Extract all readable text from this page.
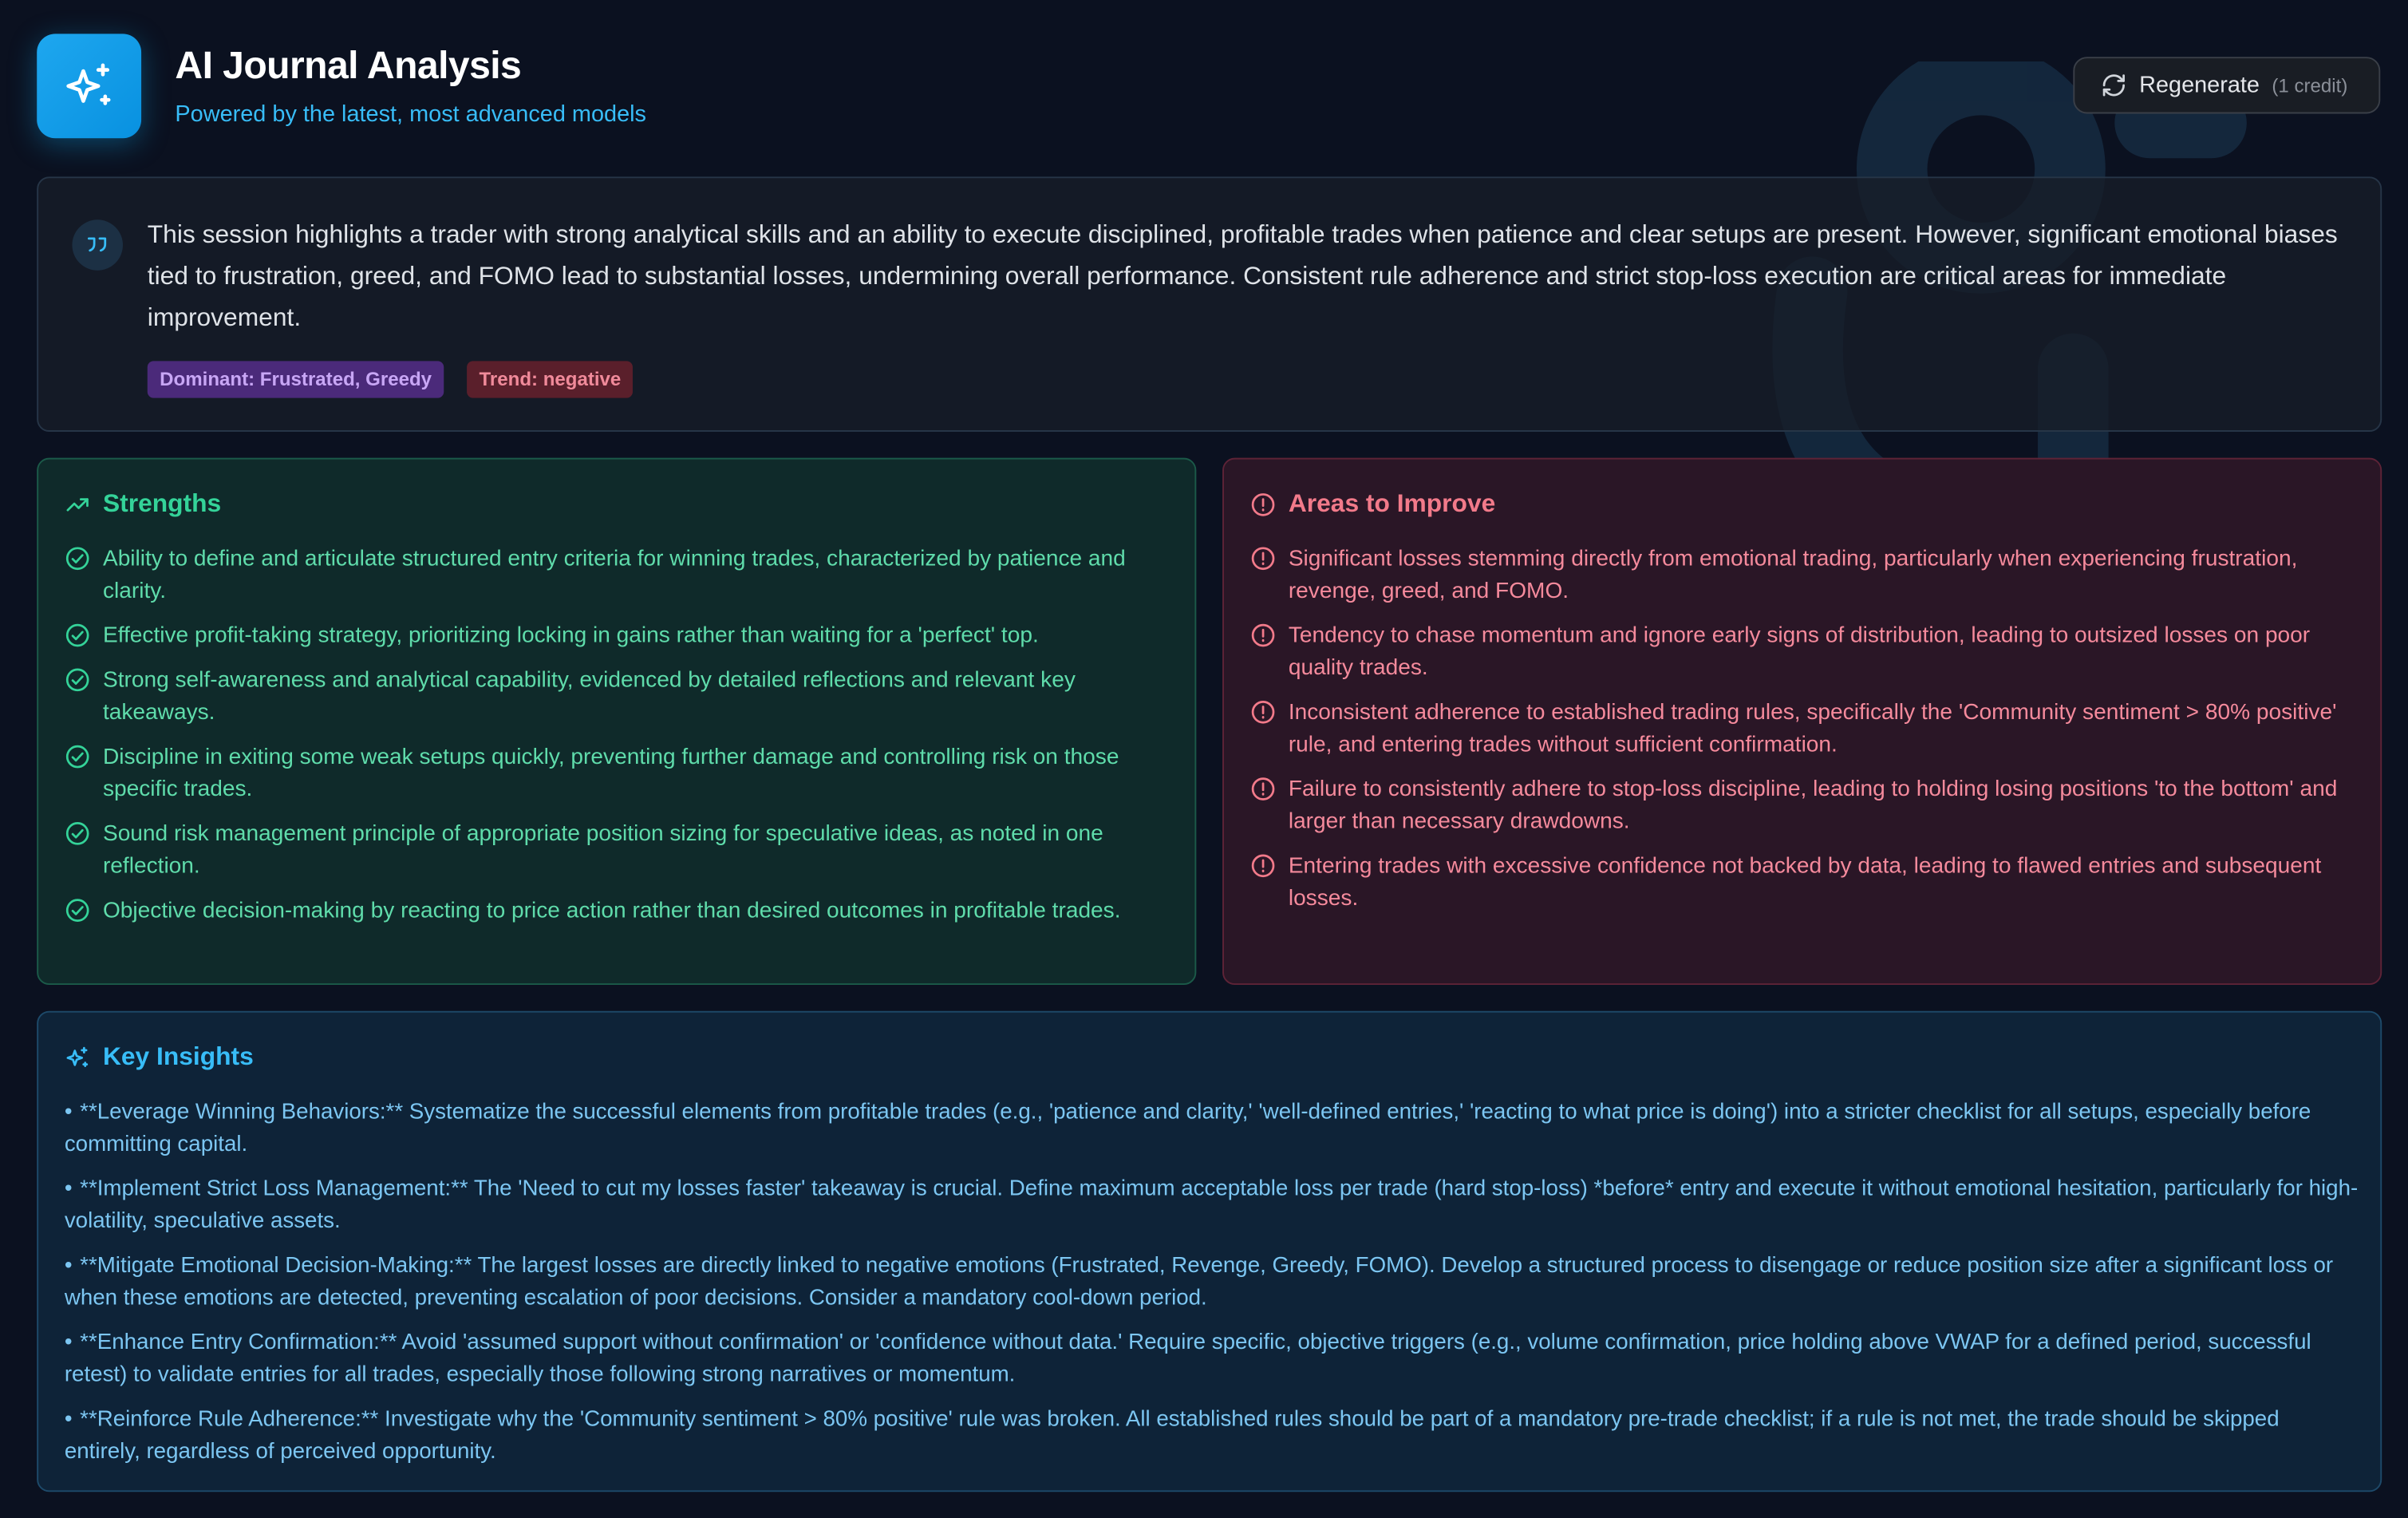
AI Journal Analysis
Powered by the latest, most advanced models
Regenerate (1 credit)
This session highlights a trader with strong analytical skills and an ability to execute disciplined, profitable trades when patience and clear setups are present. However, significant emotional biases tied to frustration, greed, and FOMO lead to substantial losses, undermining overall performance. Consistent rule adherence and strict stop-loss execution are critical areas for immediate improvement.
Dominant: Frustrated, Greedy	Trend: negative
Strengths
Ability to define and articulate structured entry criteria for winning trades, characterized by patience and clarity.
Effective profit-taking strategy, prioritizing locking in gains rather than waiting for a 'perfect' top.
Strong self-awareness and analytical capability, evidenced by detailed reflections and relevant key takeaways.
Discipline in exiting some weak setups quickly, preventing further damage and controlling risk on those specific trades.
Sound risk management principle of appropriate position sizing for speculative ideas, as noted in one reflection.
Objective decision-making by reacting to price action rather than desired outcomes in profitable trades.
Areas to Improve
Significant losses stemming directly from emotional trading, particularly when experiencing frustration, revenge, greed, and FOMO.
Tendency to chase momentum and ignore early signs of distribution, leading to outsized losses on poor quality trades.
Inconsistent adherence to established trading rules, specifically the 'Community sentiment > 80% positive' rule, and entering trades without sufficient confirmation.
Failure to consistently adhere to stop-loss discipline, leading to holding losing positions 'to the bottom' and larger than necessary drawdowns.
Entering trades with excessive confidence not backed by data, leading to flawed entries and subsequent losses.
Key Insights
• **Leverage Winning Behaviors:** Systematize the successful elements from profitable trades (e.g., 'patience and clarity,' 'well-defined entries,' 'reacting to what price is doing') into a stricter checklist for all setups, especially before committing capital.
• **Implement Strict Loss Management:** The 'Need to cut my losses faster' takeaway is crucial. Define maximum acceptable loss per trade (hard stop-loss) *before* entry and execute it without emotional hesitation, particularly for high-volatility, speculative assets.
• **Mitigate Emotional Decision-Making:** The largest losses are directly linked to negative emotions (Frustrated, Revenge, Greedy, FOMO). Develop a structured process to disengage or reduce position size after a significant loss or when these emotions are detected, preventing escalation of poor decisions. Consider a mandatory cool-down period.
• **Enhance Entry Confirmation:** Avoid 'assumed support without confirmation' or 'confidence without data.' Require specific, objective triggers (e.g., volume confirmation, price holding above VWAP for a defined period, successful retest) to validate entries for all trades, especially those following strong narratives or momentum.
• **Reinforce Rule Adherence:** Investigate why the 'Community sentiment > 80% positive' rule was broken. All established rules should be part of a mandatory pre-trade checklist; if a rule is not met, the trade should be skipped entirely, regardless of perceived opportunity.
